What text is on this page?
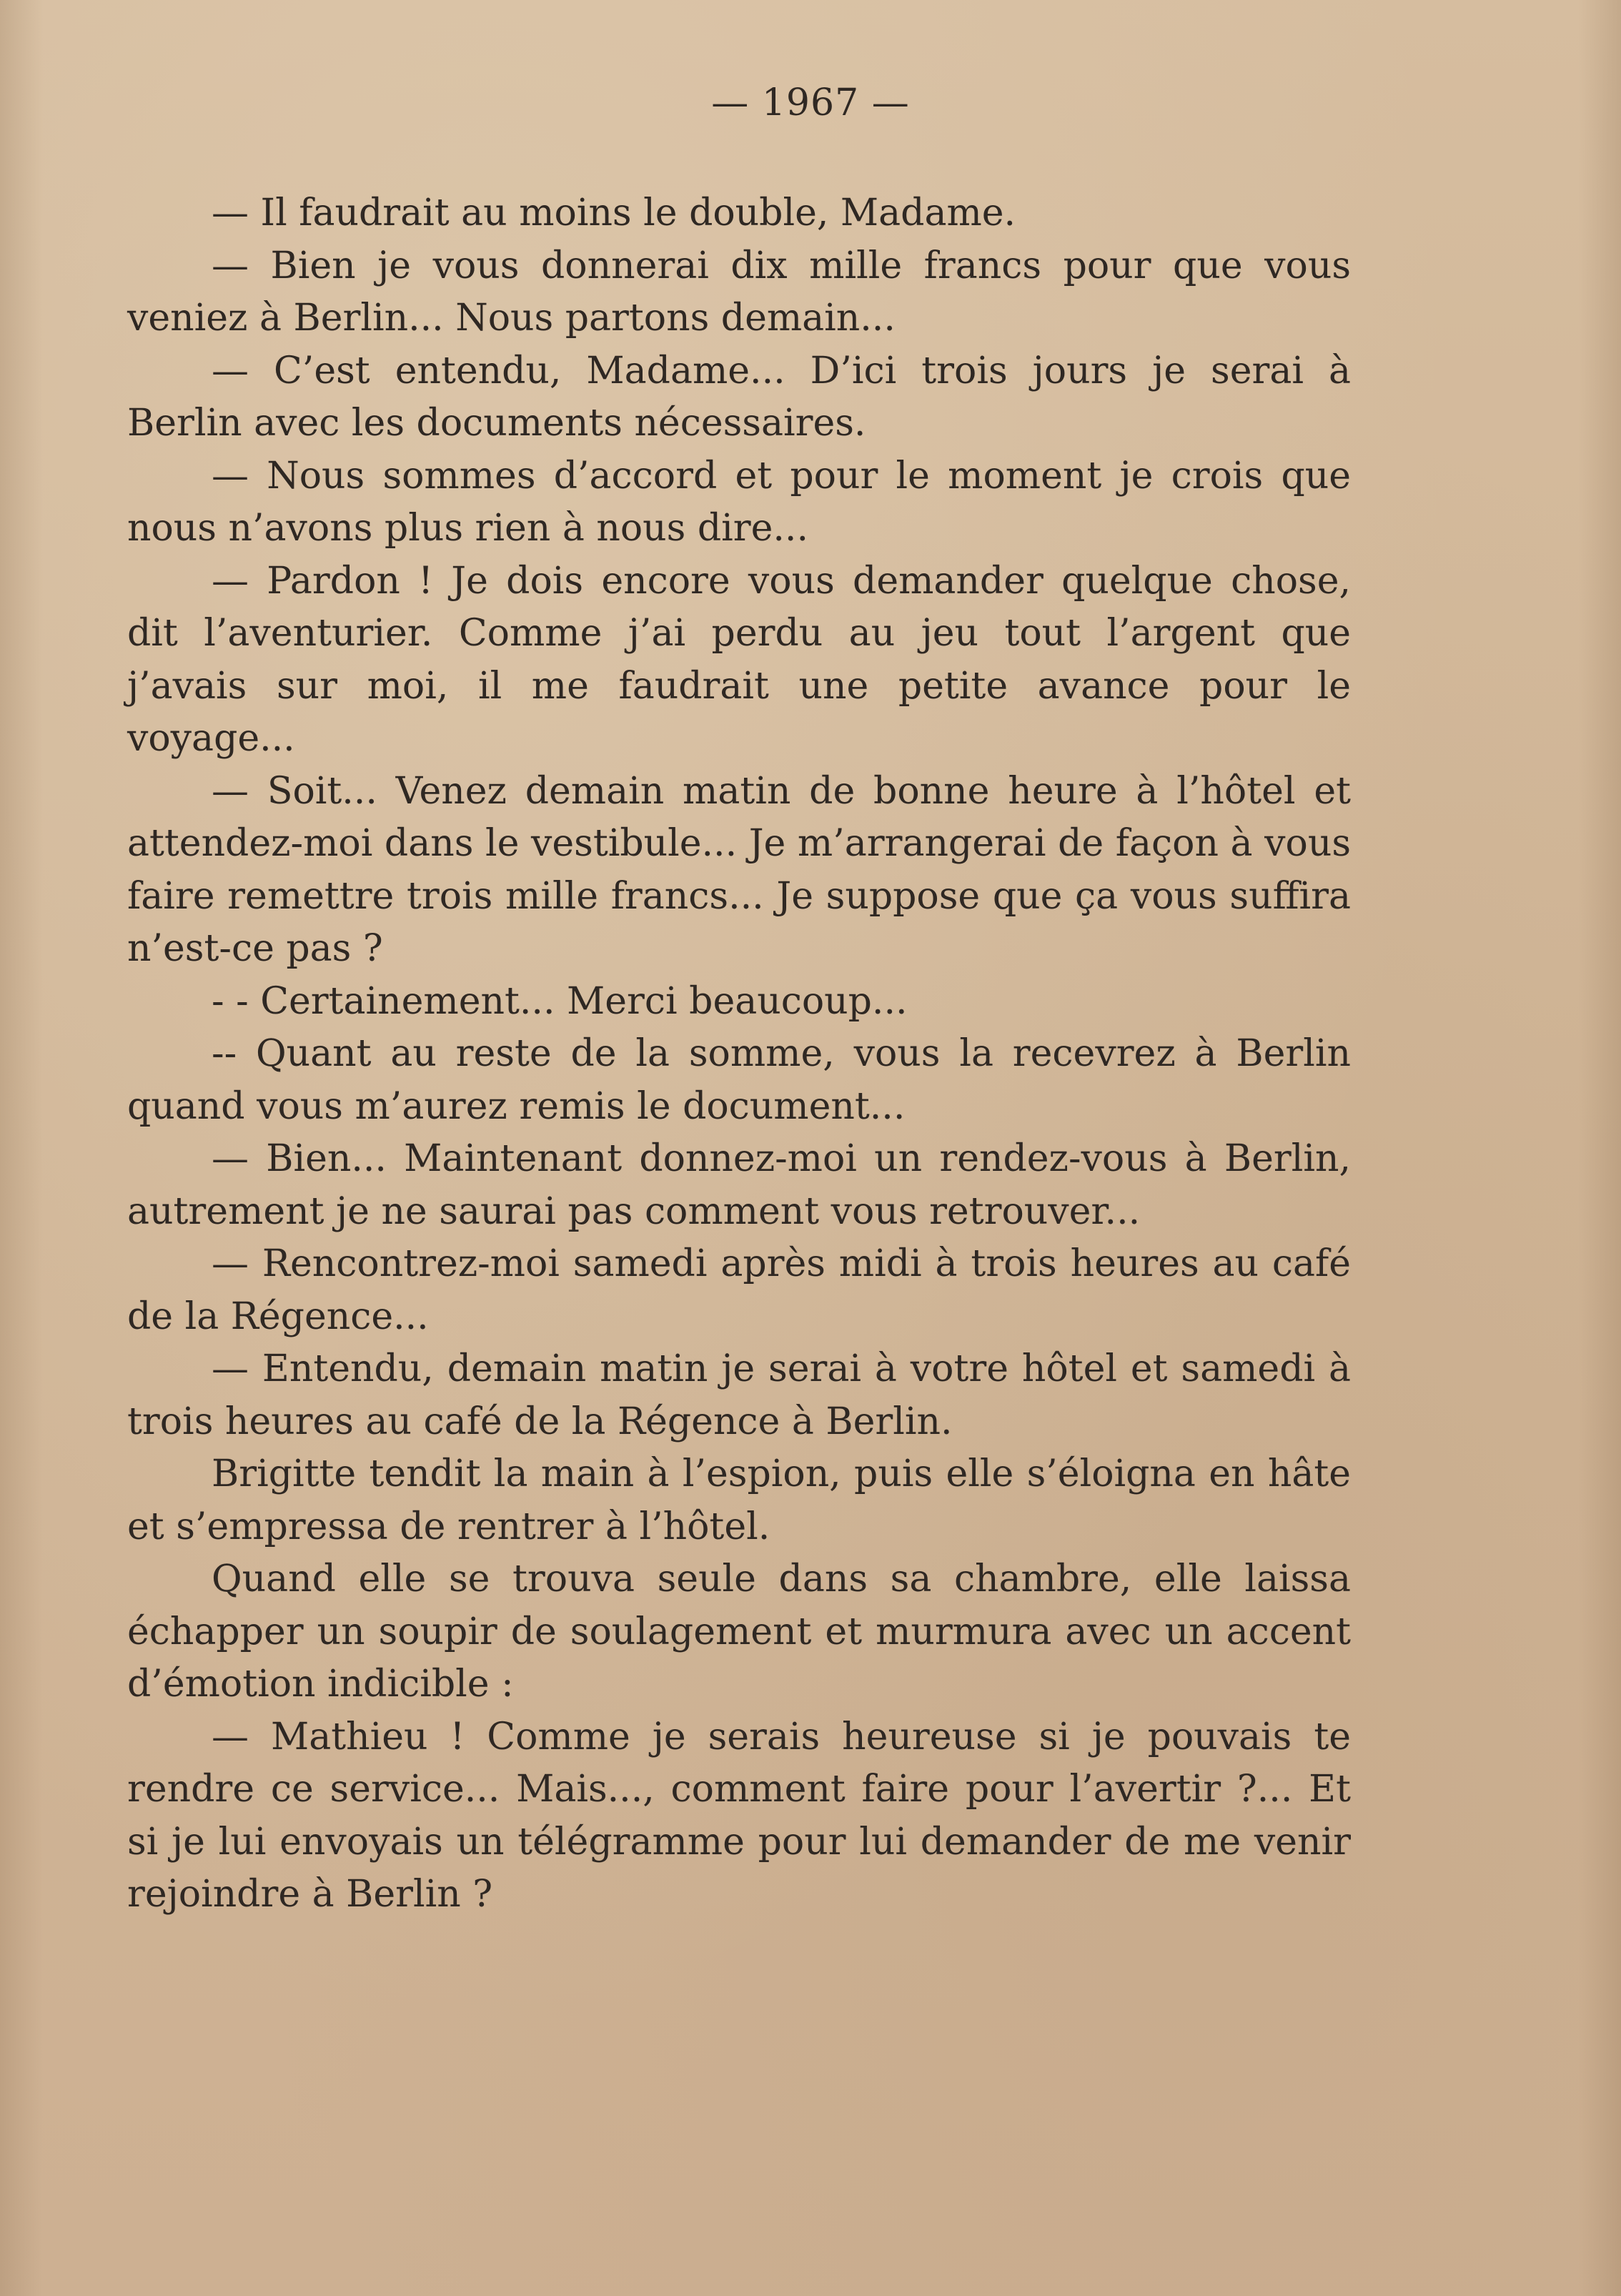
— 1967 —

— Il faudrait au moins le double, Madame.

— Bien je vous donnerai dix mille francs pour que vous veniez à Berlin... Nous partons demain...

— C’est entendu, Madame... D’ici trois jours je serai à Berlin avec les documents nécessaires.

— Nous sommes d’accord et pour le moment je crois que nous n’avons plus rien à nous dire...

— Pardon ! Je dois encore vous demander quelque chose, dit l’aventurier. Comme j’ai perdu au jeu tout l’argent que j’avais sur moi, il me faudrait une petite avance pour le voyage...

— Soit... Venez demain matin de bonne heure à l’hôtel et attendez-moi dans le vestibule... Je m’arrangerai de façon à vous faire remettre trois mille francs... Je suppose que ça vous suffira n’est-ce pas ?

- - Certainement... Merci beaucoup...

-- Quant au reste de la somme, vous la recevrez à Berlin quand vous m’aurez remis le document...

— Bien... Maintenant donnez-moi un rendez-vous à Berlin, autrement je ne saurai pas comment vous retrouver...

— Rencontrez-moi samedi après midi à trois heures au café de la Régence...

— Entendu, demain matin je serai à votre hôtel et samedi à trois heures au café de la Régence à Berlin.

Brigitte tendit la main à l’espion, puis elle s’éloigna en hâte et s’empressa de rentrer à l’hôtel.

Quand elle se trouva seule dans sa chambre, elle laissa échapper un soupir de soulagement et murmura avec un accent d’émotion indicible :

— Mathieu ! Comme je serais heureuse si je pouvais te rendre ce service... Mais..., comment faire pour l’avertir ?... Et si je lui envoyais un télégramme pour lui demander de me venir rejoindre à Berlin ?
